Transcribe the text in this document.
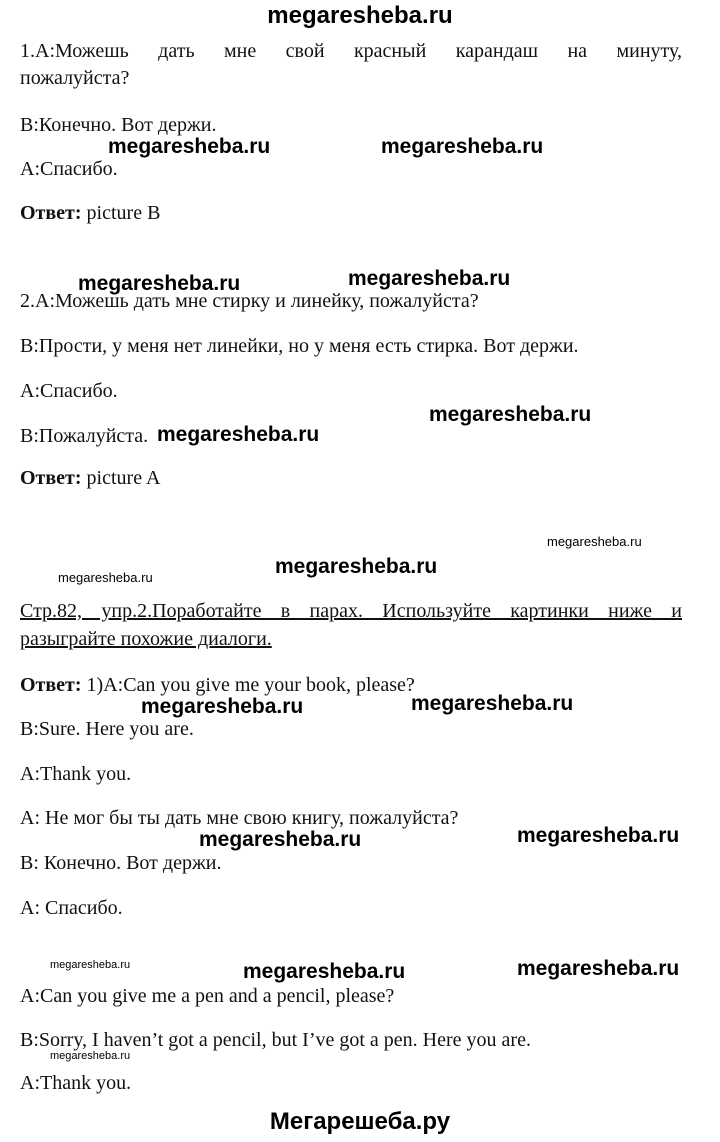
megaresheba.ru
1.A:Можешь дать мне свой красный карандаш на минуту,
пожалуйста?
B:Конечно. Вот держи.
A:Спасибо.
Ответ: picture B
2.A:Можешь дать мне стирку и линейку, пожалуйста?
B:Прости, у меня нет линейки, но у меня есть стирка. Вот держи.
A:Спасибо.
B:Пожалуйста.
Ответ: picture A
Стр.82, упр.2.Поработайте в парах. Используйте картинки ниже и
разыграйте похожие диалоги.
Ответ: 1)A:Can you give me your book, please?
B:Sure. Here you are.
A:Thank you.
A: Не мог бы ты дать мне свою книгу, пожалуйста?
B: Конечно. Вот держи.
A: Спасибо.
A:Can you give me a pen and a pencil, please?
B:Sorry, I haven’t got a pencil, but I’ve got a pen. Here you are.
A:Thank you.
megaresheba.ru	megaresheba.ru
megaresheba.ru	megaresheba.ru
megaresheba.ru
megaresheba.ru
megaresheba.ru
megaresheba.ru
megaresheba.ru
megaresheba.ru	megaresheba.ru
megaresheba.ru	megaresheba.ru
megaresheba.ru	megaresheba.ru	megaresheba.ru
megaresheba.ru
Мегарешеба.ру
